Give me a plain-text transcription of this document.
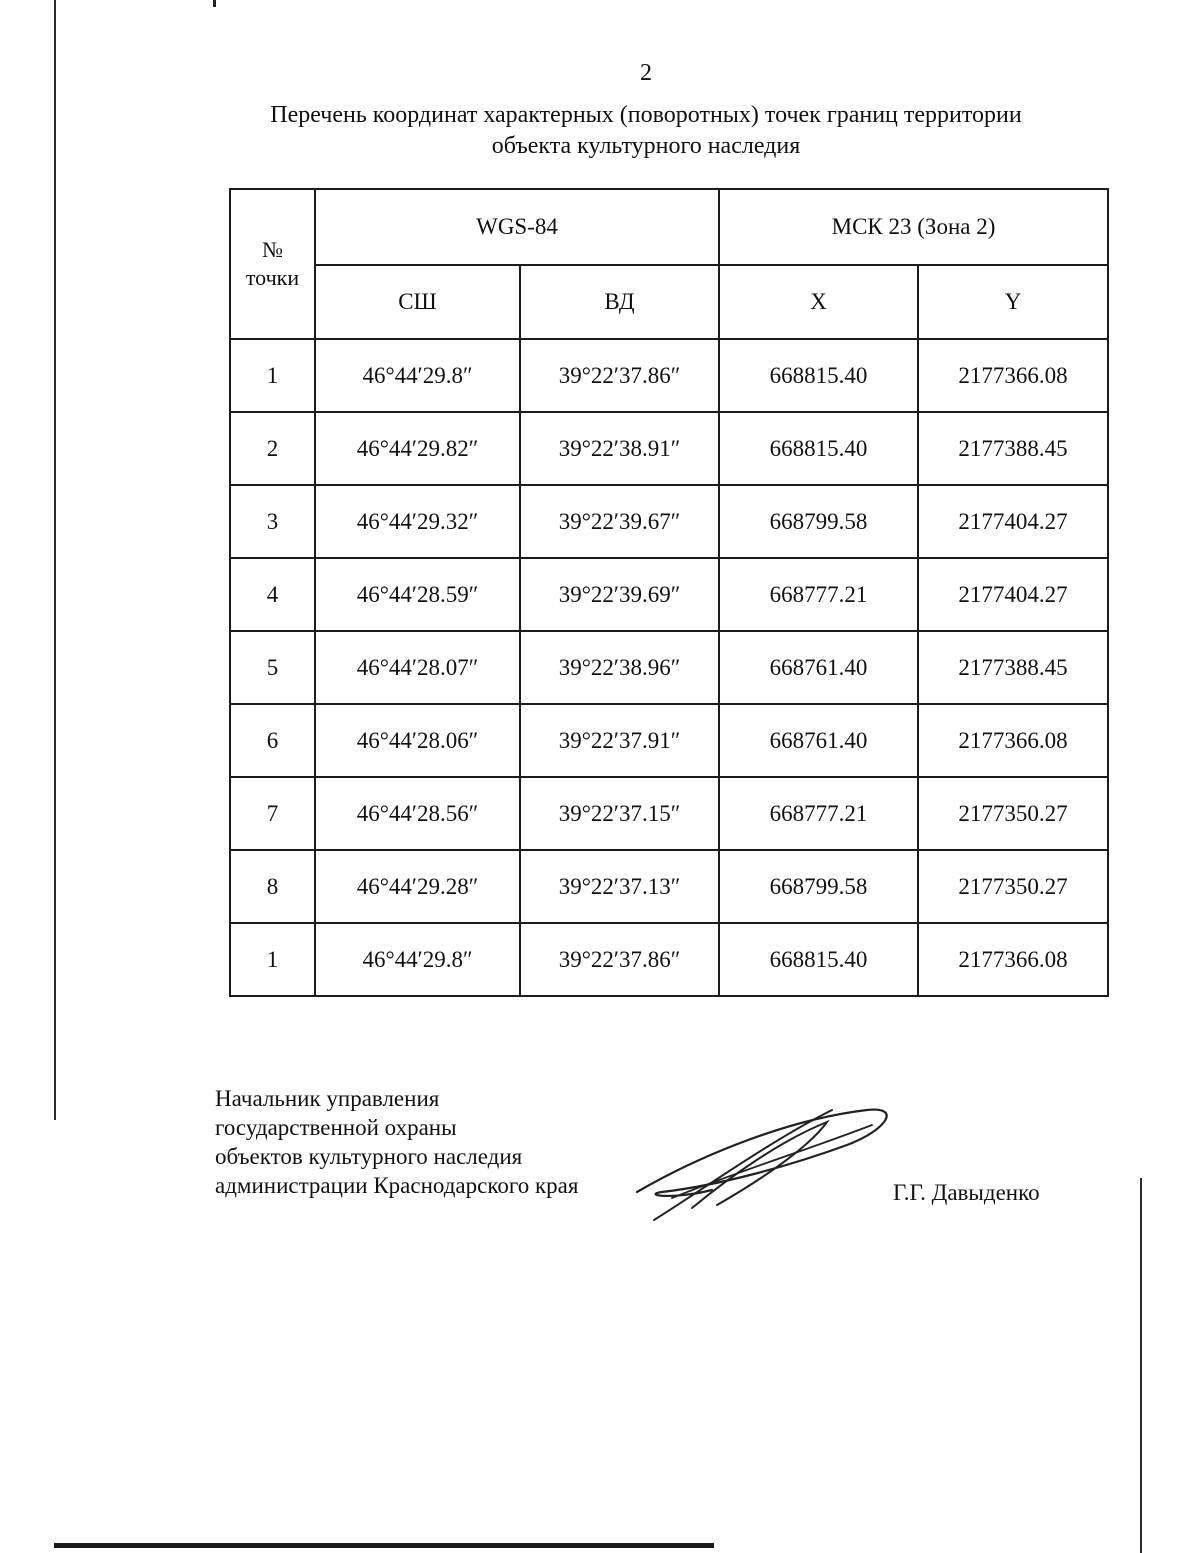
2
Перечень координат характерных (поворотных) точек границ территории
объекта культурного наследия
№
точки	WGS-84		МСК 23 (Зона 2)	
	СШ	ВД	X	Y
1	46°44′29.8″	39°22′37.86″	668815.40	2177366.08
2	46°44′29.82″	39°22′38.91″	668815.40	2177388.45
3	46°44′29.32″	39°22′39.67″	668799.58	2177404.27
4	46°44′28.59″	39°22′39.69″	668777.21	2177404.27
5	46°44′28.07″	39°22′38.96″	668761.40	2177388.45
6	46°44′28.06″	39°22′37.91″	668761.40	2177366.08
7	46°44′28.56″	39°22′37.15″	668777.21	2177350.27
8	46°44′29.28″	39°22′37.13″	668799.58	2177350.27
1	46°44′29.8″	39°22′37.86″	668815.40	2177366.08
Начальник управления
государственной охраны
объектов культурного наследия
администрации Краснодарского края	Г.Г. Давыденко
